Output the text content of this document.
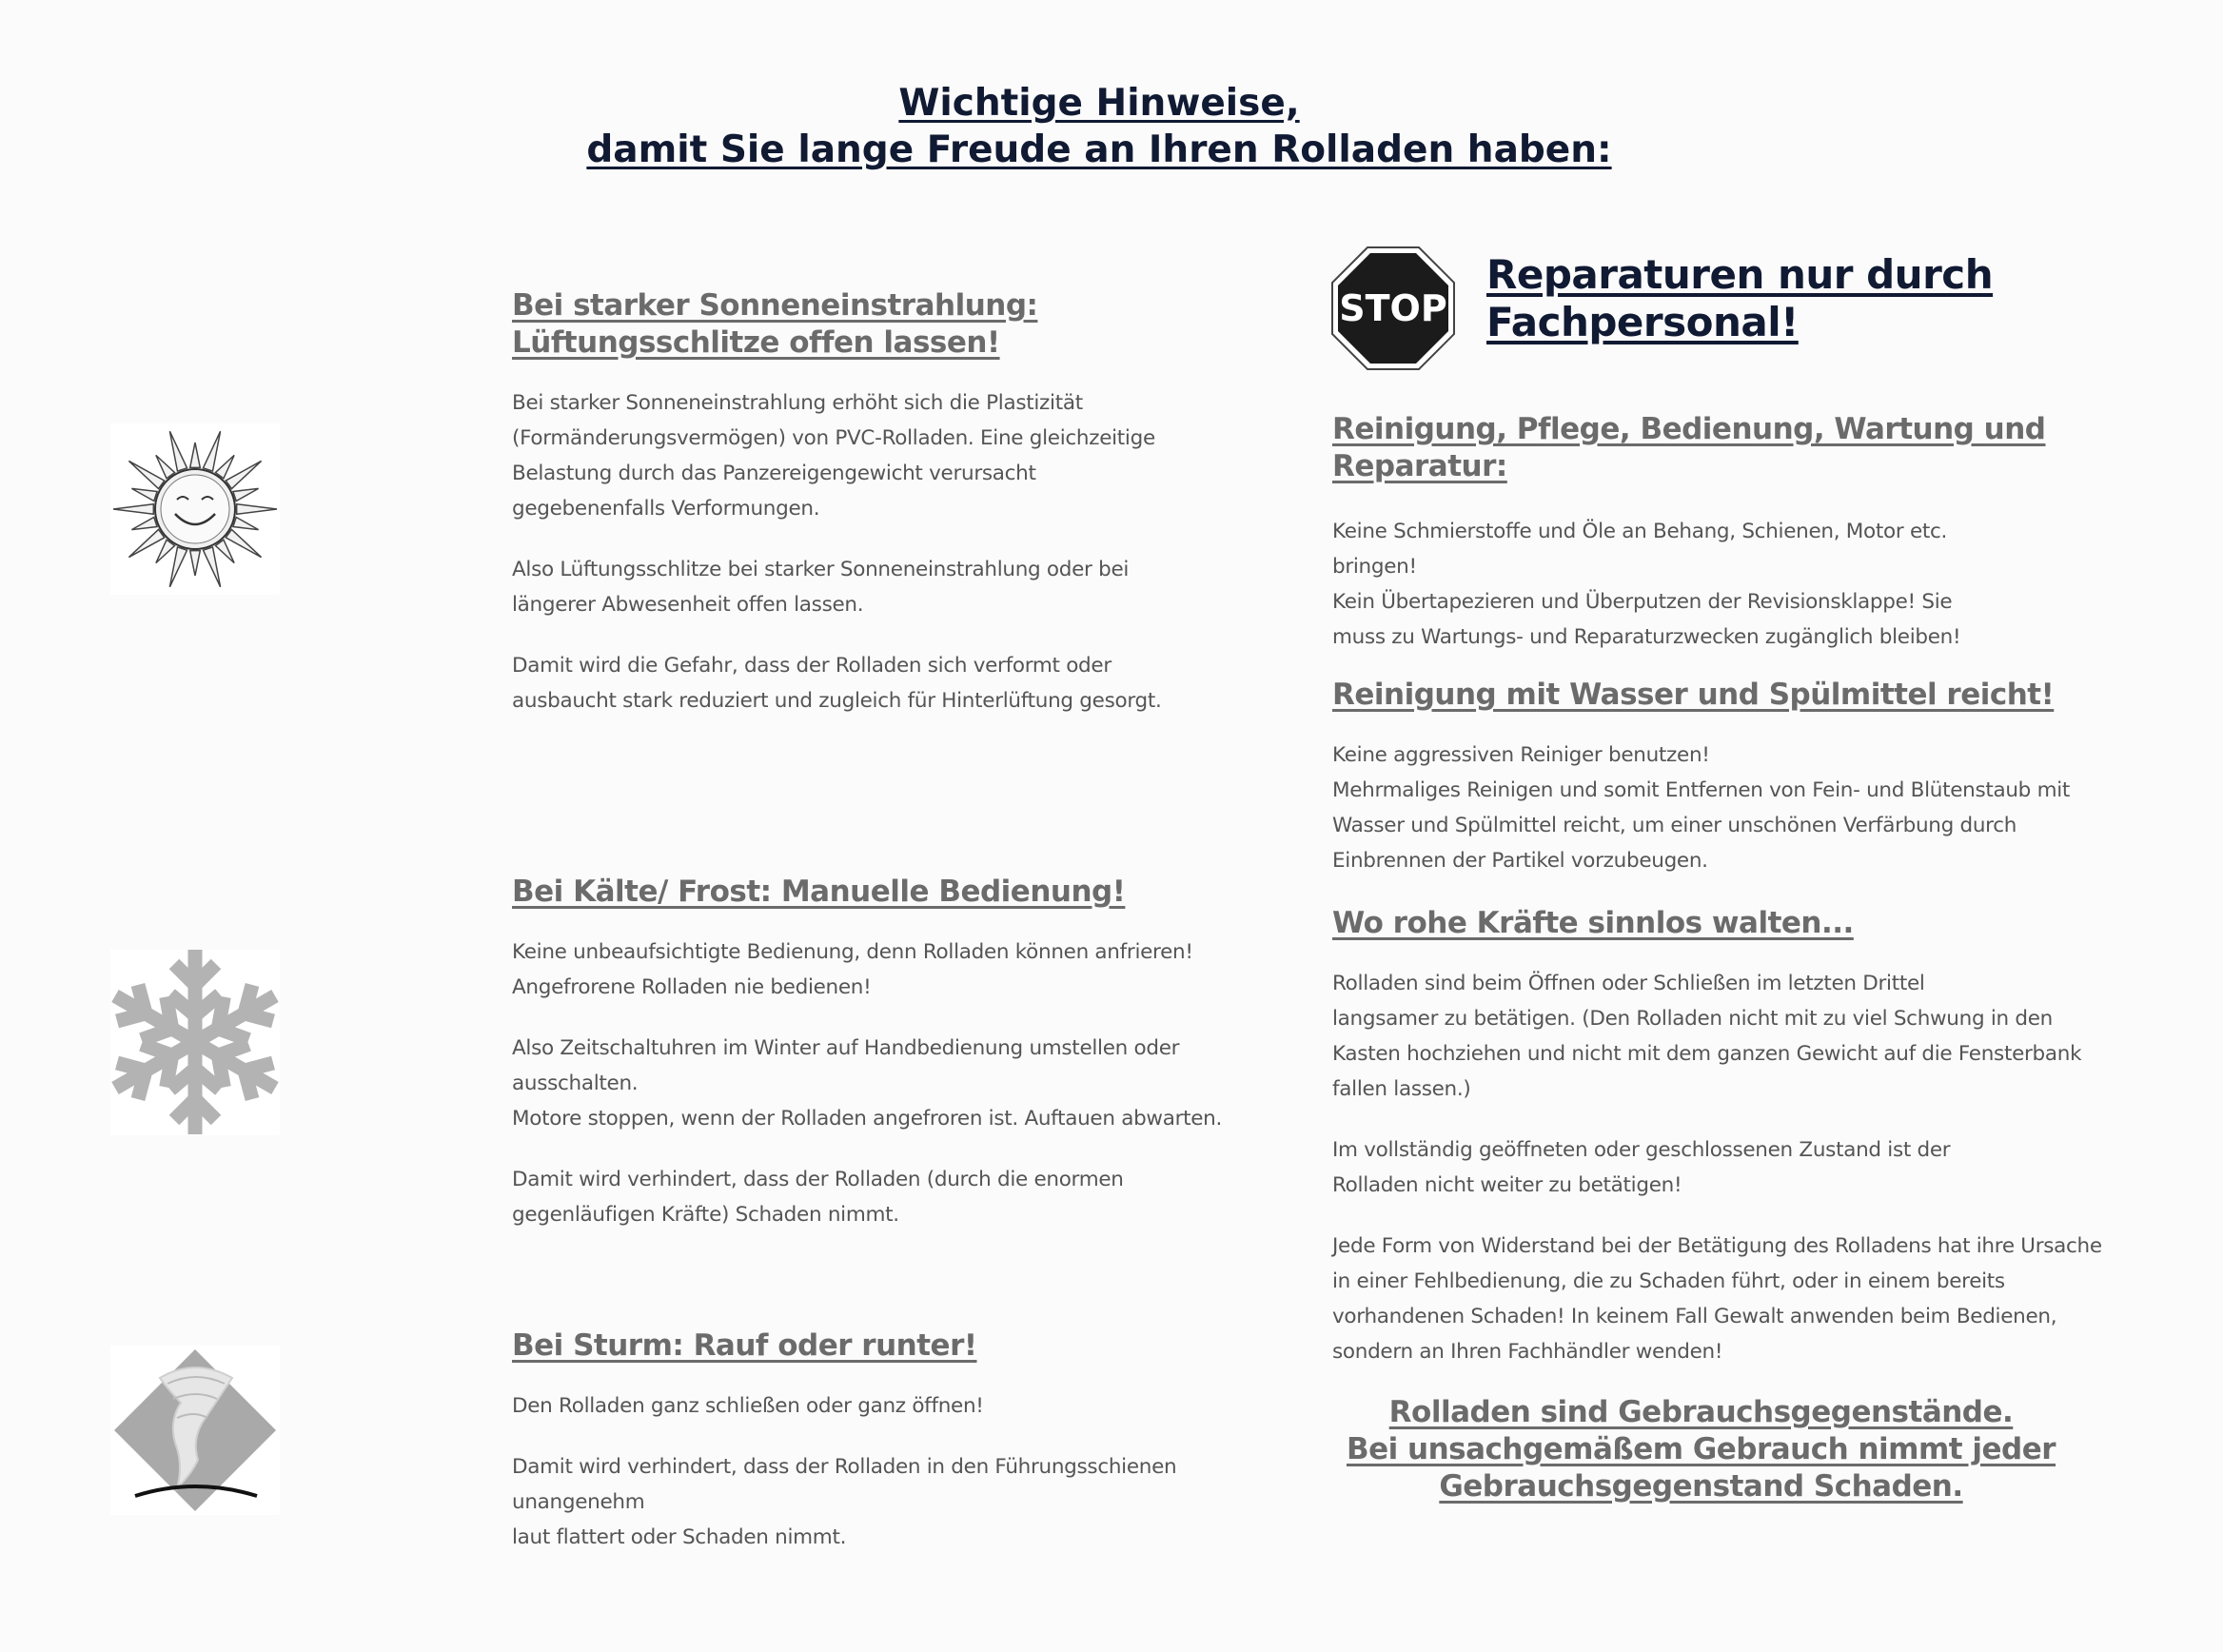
Wichtige Hinweise,
damit Sie lange Freude an Ihren Rolladen haben:
Bei starker Sonneneinstrahlung:
Lüftungsschlitze offen lassen!

Bei starker Sonneneinstrahlung erhöht sich die Plastizität
(Formänderungsvermögen) von PVC-Rolladen. Eine gleichzeitige
Belastung durch das Panzereigengewicht verursacht
gegebenenfalls Verformungen.

Also Lüftungsschlitze bei starker Sonneneinstrahlung oder bei
längerer Abwesenheit offen lassen.

Damit wird die Gefahr, dass der Rolladen sich verformt oder
ausbaucht stark reduziert und zugleich für Hinterlüftung gesorgt.

Bei Kälte/ Frost: Manuelle Bedienung!

Keine unbeaufsichtigte Bedienung, denn Rolladen können anfrieren!
Angefrorene Rolladen nie bedienen!

Also Zeitschaltuhren im Winter auf Handbedienung umstellen oder ausschalten.
Motore stoppen, wenn der Rolladen angefroren ist. Auftauen abwarten.

Damit wird verhindert, dass der Rolladen (durch die enormen
gegenläufigen Kräfte) Schaden nimmt.

Bei Sturm: Rauf oder runter!

Den Rolladen ganz schließen oder ganz öffnen!

Damit wird verhindert, dass der Rolladen in den Führungsschienen unangenehm
laut flattert oder Schaden nimmt.

STOP
Reparaturen nur durch
Fachpersonal!
Reinigung, Pflege, Bedienung, Wartung und
Reparatur:

Keine Schmierstoffe und Öle an Behang, Schienen, Motor etc.
bringen!
Kein Übertapezieren und Überputzen der Revisionsklappe! Sie
muss zu Wartungs- und Reparaturzwecken zugänglich bleiben!

Reinigung mit Wasser und Spülmittel reicht!

Keine aggressiven Reiniger benutzen!
Mehrmaliges Reinigen und somit Entfernen von Fein- und Blütenstaub mit
Wasser und Spülmittel reicht, um einer unschönen Verfärbung durch
Einbrennen der Partikel vorzubeugen.

Wo rohe Kräfte sinnlos walten...

Rolladen sind beim Öffnen oder Schließen im letzten Drittel
langsamer zu betätigen. (Den Rolladen nicht mit zu viel Schwung in den
Kasten hochziehen und nicht mit dem ganzen Gewicht auf die Fensterbank
fallen lassen.)

Im vollständig geöffneten oder geschlossenen Zustand ist der
Rolladen nicht weiter zu betätigen!

Jede Form von Widerstand bei der Betätigung des Rolladens hat ihre Ursache
in einer Fehlbedienung, die zu Schaden führt, oder in einem bereits
vorhandenen Schaden! In keinem Fall Gewalt anwenden beim Bedienen,
sondern an Ihren Fachhändler wenden!

Rolladen sind Gebrauchsgegenstände.
Bei unsachgemäßem Gebrauch nimmt jeder
Gebrauchsgegenstand Schaden.
